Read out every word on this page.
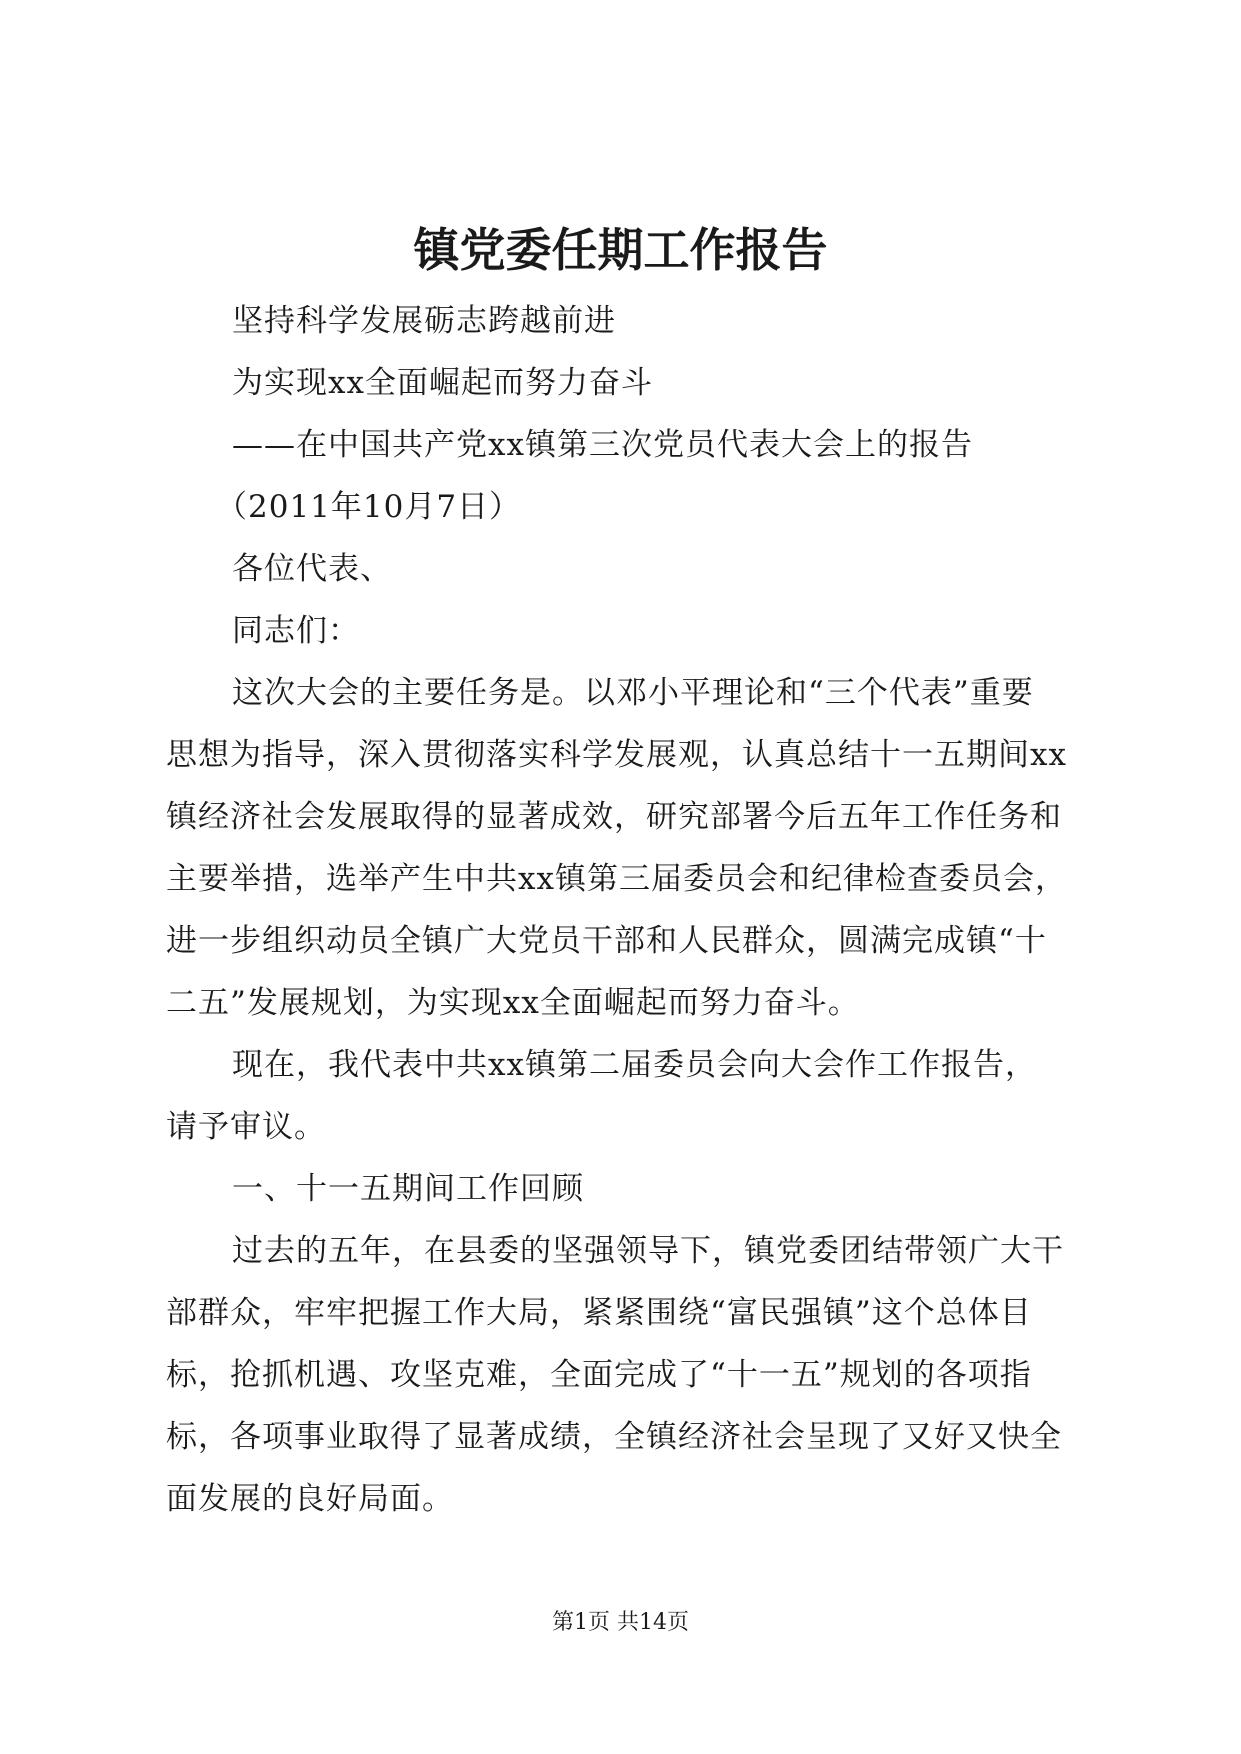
镇党委任期工作报告

坚持科学发展砺志跨越前进

为实现xx全面崛起而努力奋斗

——在中国共产党xx镇第三次党员代表大会上的报告

（2011年10月7日）

各位代表、

同志们：

这次大会的主要任务是。以邓小平理论和“三个代表”重要

思想为指导，深入贯彻落实科学发展观，认真总结十一五期间xx

镇经济社会发展取得的显著成效，研究部署今后五年工作任务和

主要举措，选举产生中共xx镇第三届委员会和纪律检查委员会，

进一步组织动员全镇广大党员干部和人民群众，圆满完成镇“十

二五”发展规划，为实现xx全面崛起而努力奋斗。

现在，我代表中共xx镇第二届委员会向大会作工作报告，

请予审议。

一、十一五期间工作回顾

过去的五年，在县委的坚强领导下，镇党委团结带领广大干

部群众，牢牢把握工作大局，紧紧围绕“富民强镇”这个总体目

标，抢抓机遇、攻坚克难，全面完成了“十一五”规划的各项指

标，各项事业取得了显著成绩，全镇经济社会呈现了又好又快全

面发展的良好局面。

第1页 共14页
